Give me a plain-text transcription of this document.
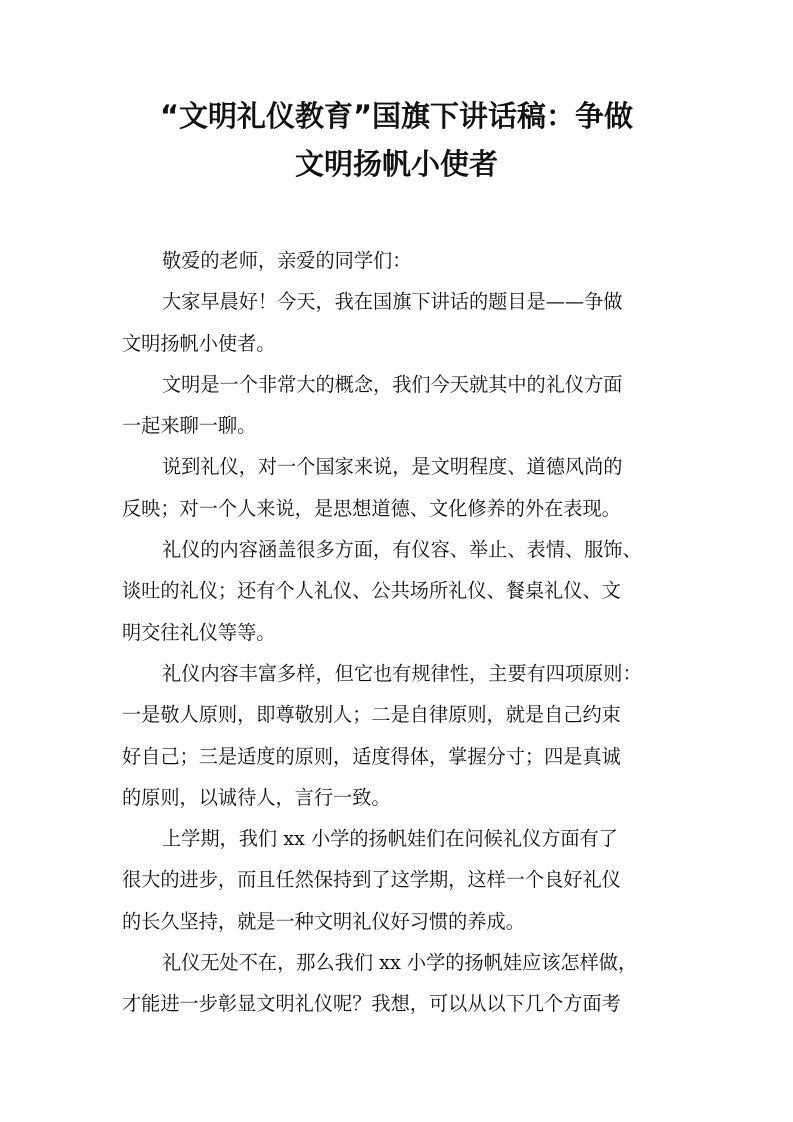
“文明礼仪教育”国旗下讲话稿：争做
文明扬帆小使者

敬爱的老师，亲爱的同学们：

大家早晨好！今天，我在国旗下讲话的题目是——争做
文明扬帆小使者。

文明是一个非常大的概念，我们今天就其中的礼仪方面
一起来聊一聊。

说到礼仪，对一个国家来说，是文明程度、道德风尚的
反映；对一个人来说，是思想道德、文化修养的外在表现。

礼仪的内容涵盖很多方面，有仪容、举止、表情、服饰、
谈吐的礼仪；还有个人礼仪、公共场所礼仪、餐桌礼仪、文
明交往礼仪等等。

礼仪内容丰富多样，但它也有规律性，主要有四项原则：
一是敬人原则，即尊敬别人；二是自律原则，就是自己约束
好自己；三是适度的原则，适度得体，掌握分寸；四是真诚
的原则，以诚待人，言行一致。

上学期，我们 xx 小学的扬帆娃们在问候礼仪方面有了
很大的进步，而且任然保持到了这学期，这样一个良好礼仪
的长久坚持，就是一种文明礼仪好习惯的养成。

礼仪无处不在，那么我们 xx 小学的扬帆娃应该怎样做，
才能进一步彰显文明礼仪呢？我想，可以从以下几个方面考
